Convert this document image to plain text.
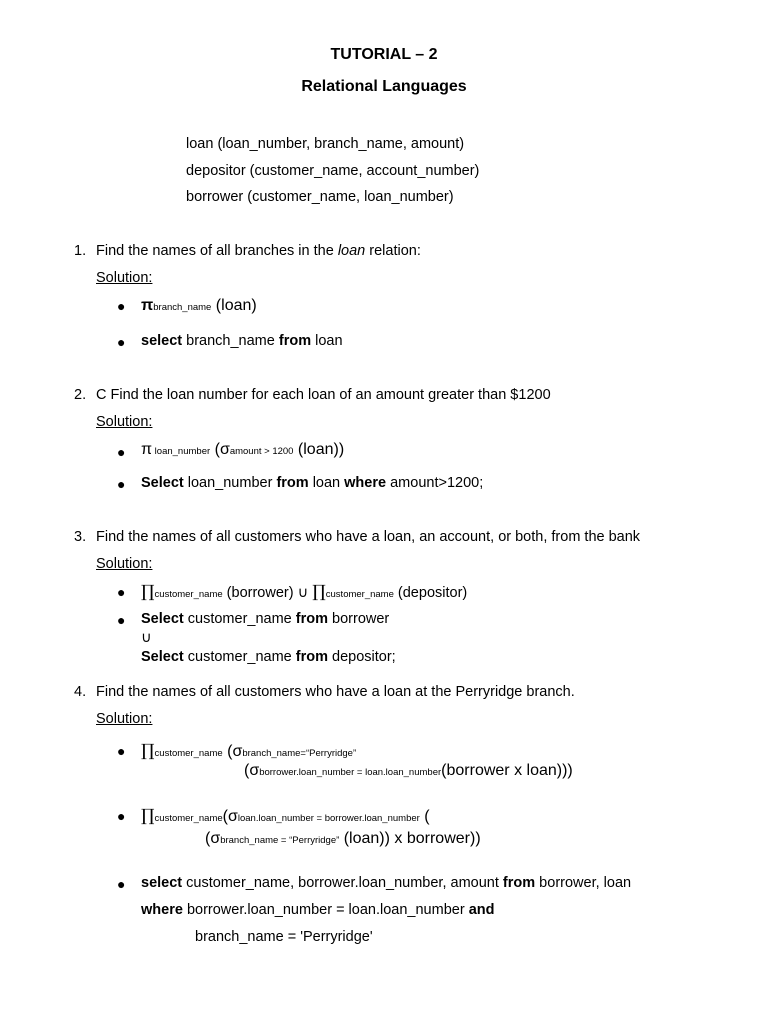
TUTORIAL – 2
Relational Languages
loan (loan_number, branch_name, amount)
depositor (customer_name, account_number)
borrower (customer_name, loan_number)
1. Find the names of all branches in the loan relation:
Solution:
● πbranch_name (loan)
● select branch_name from loan
2. C Find the loan number for each loan of an amount greater than $1200
Solution:
● π loan_number (σamount > 1200 (loan))
● Select loan_number from loan where amount>1200;
3. Find the names of all customers who have a loan, an account, or both, from the bank
Solution:
● ∏customer_name (borrower) ∪ ∏customer_name (depositor)
● Select customer_name from borrower
∪
Select customer_name from depositor;
4. Find the names of all customers who have a loan at the Perryridge branch.
Solution:
● ∏customer_name (σbranch_name=“Perryridge”
(σborrower.loan_number = loan.loan_number(borrower x loan)))
● ∏customer_name(σloan.loan_number = borrower.loan_number (
(σbranch_name = “Perryridge” (loan)) x borrower))
● select customer_name, borrower.loan_number, amount from borrower, loan
where borrower.loan_number = loan.loan_number and
branch_name = 'Perryridge'
